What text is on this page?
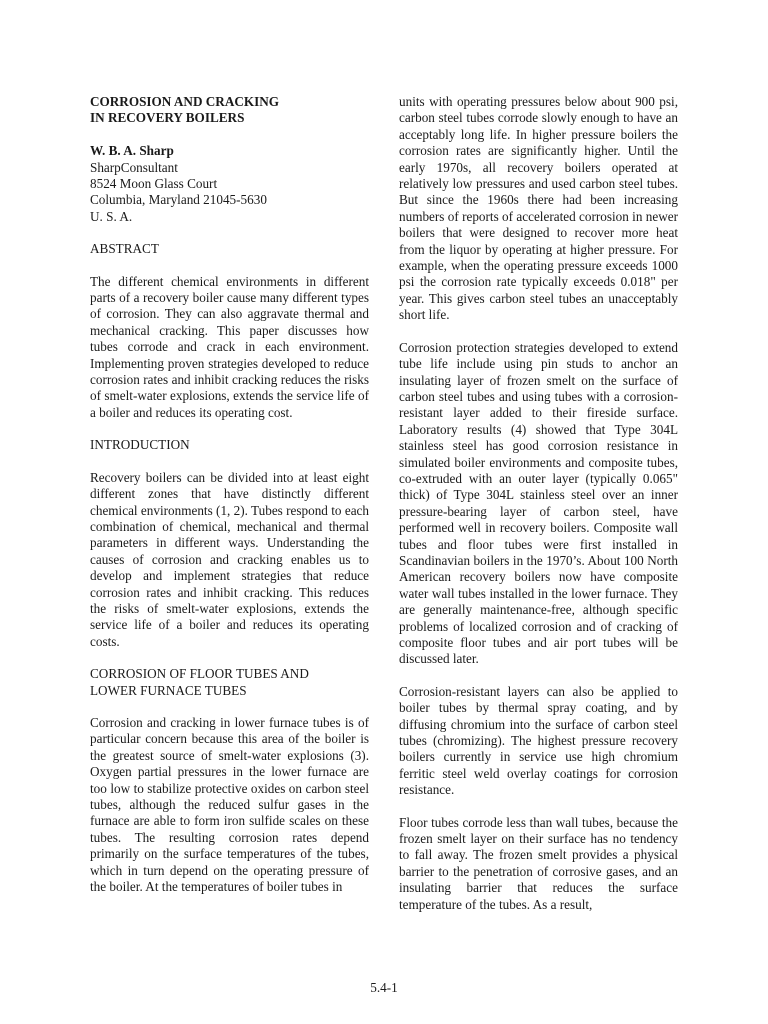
CORROSION AND CRACKING
IN RECOVERY BOILERS
W. B. A. Sharp
SharpConsultant
8524 Moon Glass Court
Columbia, Maryland 21045-5630
U. S. A.
ABSTRACT

The different chemical environments in different parts of a recovery boiler cause many different types of corrosion. They can also aggravate thermal and mechanical cracking. This paper discusses how tubes corrode and crack in each environment. Implementing proven strategies developed to reduce corrosion rates and inhibit cracking reduces the risks of smelt-water explosions, extends the service life of a boiler and reduces its operating cost.

INTRODUCTION

Recovery boilers can be divided into at least eight different zones that have distinctly different chemical environments (1, 2). Tubes respond to each combination of chemical, mechanical and thermal parameters in different ways. Understanding the causes of corrosion and cracking enables us to develop and implement strategies that reduce corrosion rates and inhibit cracking. This reduces the risks of smelt-water explosions, extends the service life of a boiler and reduces its operating costs.

CORROSION OF FLOOR TUBES AND
LOWER FURNACE TUBES

Corrosion and cracking in lower furnace tubes is of particular concern because this area of the boiler is the greatest source of smelt-water explosions (3). Oxygen partial pressures in the lower furnace are too low to stabilize protective oxides on carbon steel tubes, although the reduced sulfur gases in the furnace are able to form iron sulfide scales on these tubes. The resulting corrosion rates depend primarily on the surface temperatures of the tubes, which in turn depend on the operating pressure of the boiler. At the temperatures of boiler tubes in

units with operating pressures below about 900 psi, carbon steel tubes corrode slowly enough to have an acceptably long life. In higher pressure boilers the corrosion rates are significantly higher. Until the early 1970s, all recovery boilers operated at relatively low pressures and used carbon steel tubes. But since the 1960s there had been increasing numbers of reports of accelerated corrosion in newer boilers that were designed to recover more heat from the liquor by operating at higher pressure. For example, when the operating pressure exceeds 1000 psi the corrosion rate typically exceeds 0.018" per year. This gives carbon steel tubes an unacceptably short life.

Corrosion protection strategies developed to extend tube life include using pin studs to anchor an insulating layer of frozen smelt on the surface of carbon steel tubes and using tubes with a corrosion-resistant layer added to their fireside surface. Laboratory results (4) showed that Type 304L stainless steel has good corrosion resistance in simulated boiler environments and composite tubes, co-extruded with an outer layer (typically 0.065" thick) of Type 304L stainless steel over an inner pressure-bearing layer of carbon steel, have performed well in recovery boilers. Composite wall tubes and floor tubes were first installed in Scandinavian boilers in the 1970’s. About 100 North American recovery boilers now have composite water wall tubes installed in the lower furnace. They are generally maintenance-free, although specific problems of localized corrosion and of cracking of composite floor tubes and air port tubes will be discussed later.

Corrosion-resistant layers can also be applied to boiler tubes by thermal spray coating, and by diffusing chromium into the surface of carbon steel tubes (chromizing). The highest pressure recovery boilers currently in service use high chromium ferritic steel weld overlay coatings for corrosion resistance.

Floor tubes corrode less than wall tubes, because the frozen smelt layer on their surface has no tendency to fall away. The frozen smelt provides a physical barrier to the penetration of corrosive gases, and an insulating barrier that reduces the surface temperature of the tubes. As a result,

5.4-1
